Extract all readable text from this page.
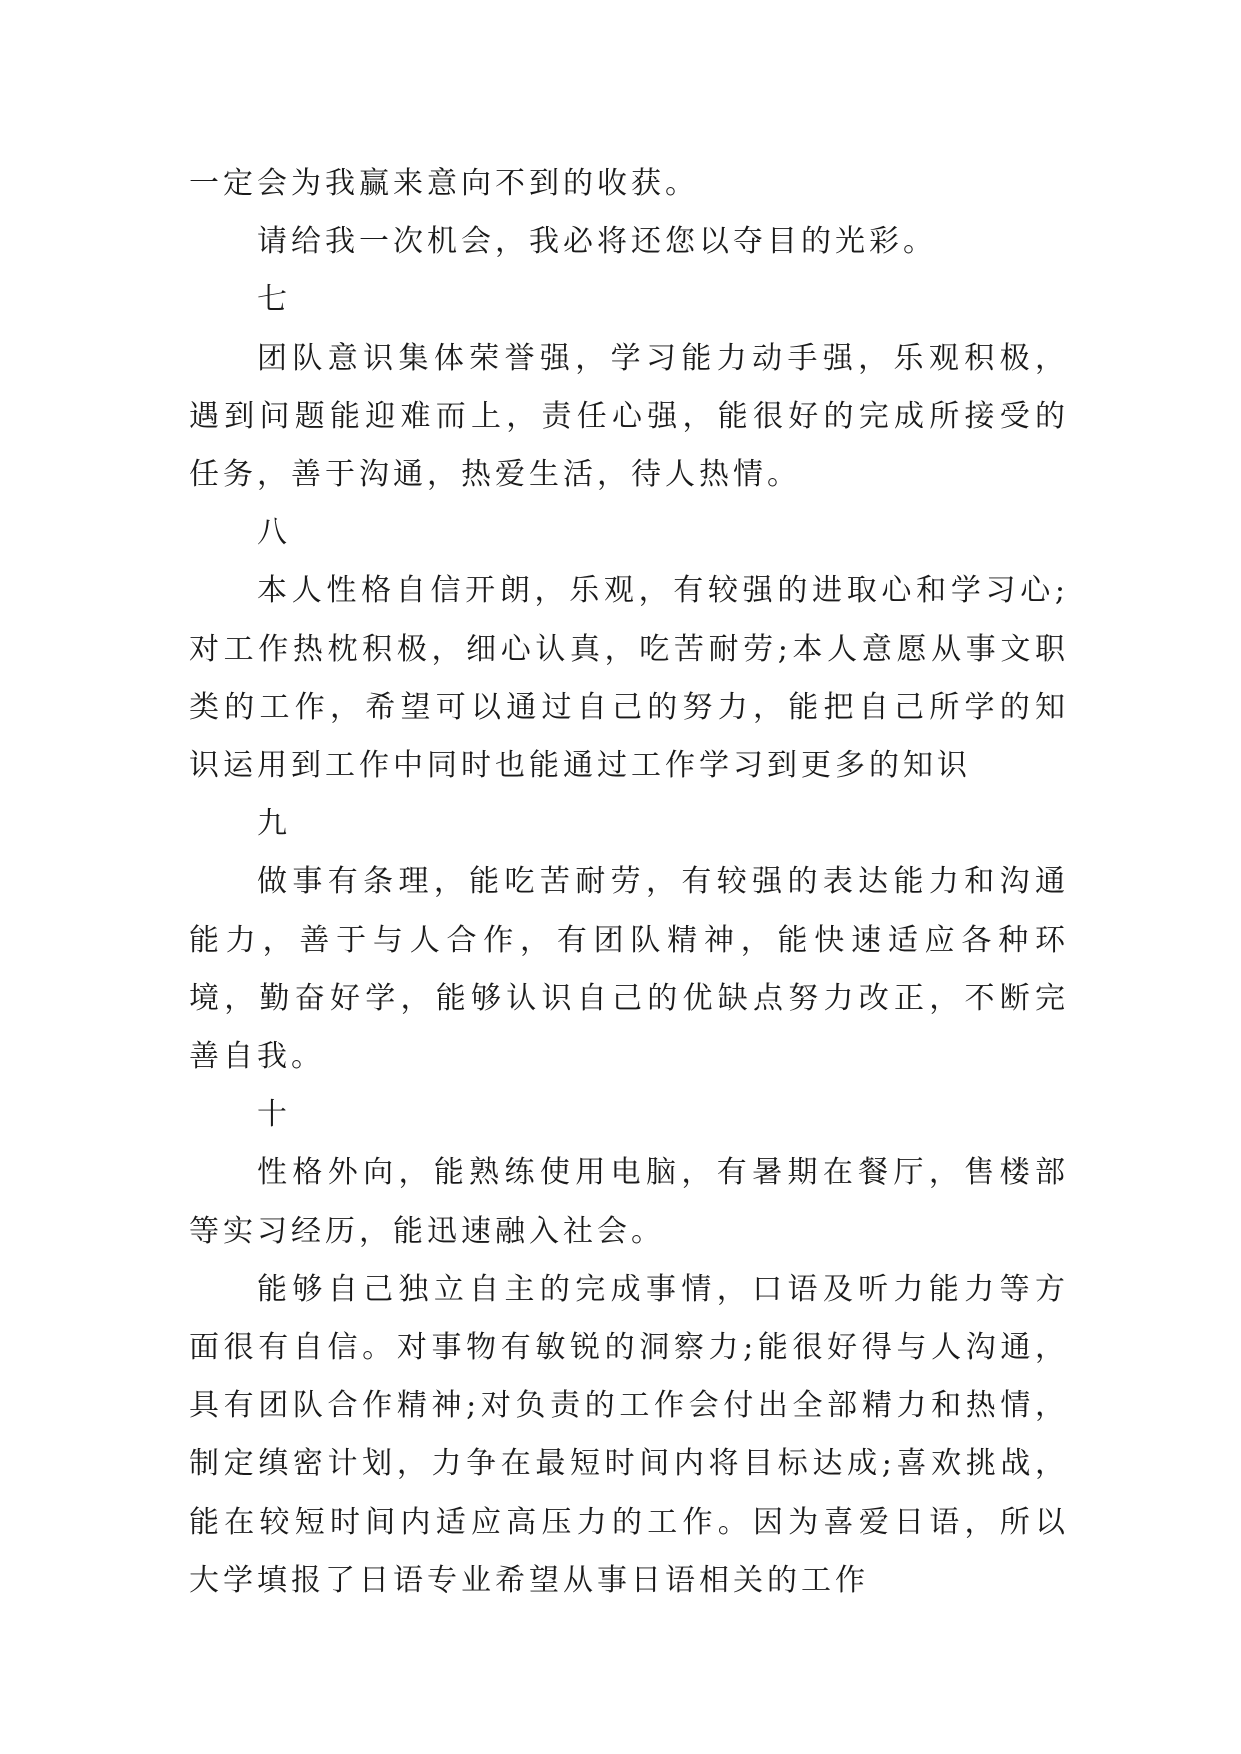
一定会为我赢来意向不到的收获。

请给我一次机会，我必将还您以夺目的光彩。

七

团队意识集体荣誉强，学习能力动手强，乐观积极，遇到问题能迎难而上，责任心强，能很好的完成所接受的任务，善于沟通，热爱生活，待人热情。

八

本人性格自信开朗，乐观，有较强的进取心和学习心;对工作热枕积极，细心认真，吃苦耐劳;本人意愿从事文职类的工作，希望可以通过自己的努力，能把自己所学的知识运用到工作中同时也能通过工作学习到更多的知识

九

做事有条理，能吃苦耐劳，有较强的表达能力和沟通能力，善于与人合作，有团队精神，能快速适应各种环境，勤奋好学，能够认识自己的优缺点努力改正，不断完善自我。

十

性格外向，能熟练使用电脑，有暑期在餐厅，售楼部等实习经历，能迅速融入社会。

能够自己独立自主的完成事情，口语及听力能力等方面很有自信。对事物有敏锐的洞察力;能很好得与人沟通，具有团队合作精神;对负责的工作会付出全部精力和热情，制定缜密计划，力争在最短时间内将目标达成;喜欢挑战，能在较短时间内适应高压力的工作。因为喜爱日语，所以大学填报了日语专业希望从事日语相关的工作
